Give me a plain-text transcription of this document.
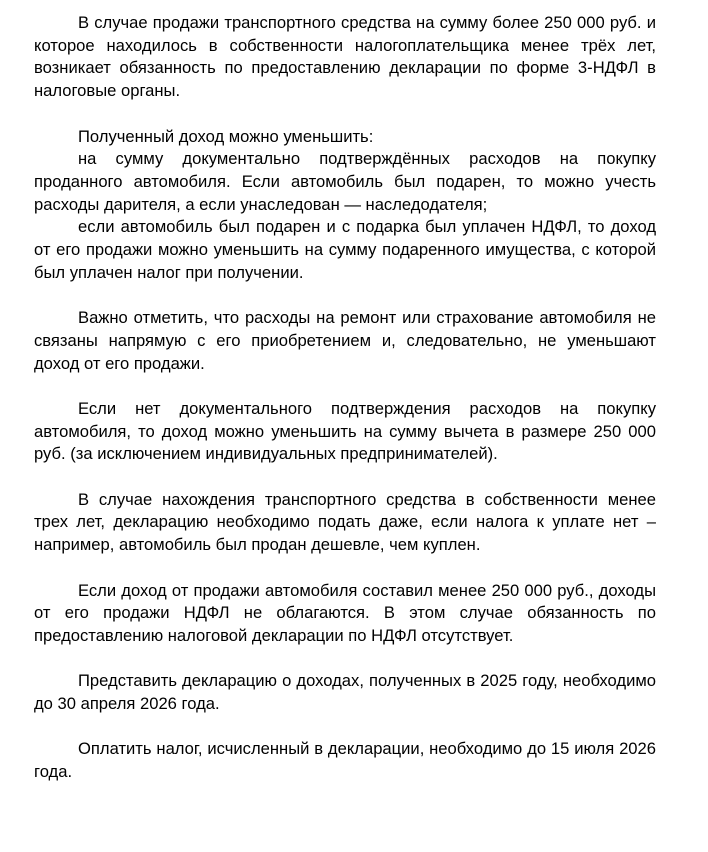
В случае продажи транспортного средства на сумму более 250 000 руб. и которое находилось в собственности налогоплательщика менее трёх лет, возникает обязанность по предоставлению декларации по форме 3-НДФЛ в налоговые органы.

Полученный доход можно уменьшить:

на сумму документально подтверждённых расходов на покупку проданного автомобиля. Если автомобиль был подарен, то можно учесть расходы дарителя, а если унаследован — наследодателя;

если автомобиль был подарен и с подарка был уплачен НДФЛ, то доход от его продажи можно уменьшить на сумму подаренного имущества, с которой был уплачен налог при получении.

Важно отметить, что расходы на ремонт или страхование автомобиля не связаны напрямую с его приобретением и, следовательно, не уменьшают доход от его продажи.

Если нет документального подтверждения расходов на покупку автомобиля, то доход можно уменьшить на сумму вычета в размере 250 000 руб. (за исключением индивидуальных предпринимателей).

В случае нахождения транспортного средства в собственности менее трех лет, декларацию необходимо подать даже, если налога к уплате нет – например, автомобиль был продан дешевле, чем куплен.

Если доход от продажи автомобиля составил менее 250 000 руб., доходы от его продажи НДФЛ не облагаются. В этом случае обязанность по предоставлению налоговой декларации по НДФЛ отсутствует.

Представить декларацию о доходах, полученных в 2025 году, необходимо до 30 апреля 2026 года.

Оплатить налог, исчисленный в декларации, необходимо до 15 июля 2026 года.
